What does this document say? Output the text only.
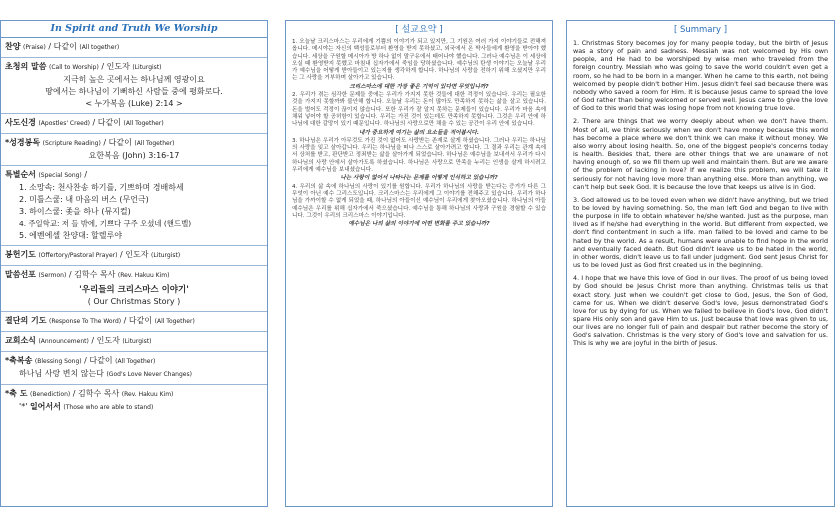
In Spirit and Truth We Worship
찬양 (Praise) / 다같이 (All together)
초청의 말씀 (Call to Worship) / 인도자 (Liturgist)
지극히 높은 곳에서는 하나님께 영광이요
땅에서는 하나님이 기뻐하신 사람들 중에 평화로다.
< 누가복음 (Luke) 2:14 >
사도신경 (Apostles' Creed) / 다같이 (All Together)
*성경봉독 (Scripture Reading) / 다같이 (All Together)
요한복음 (John) 3:16-17
특별순서 (Special Song) /
1. 소망속: 천사찬송 하기를, 기쁘하며 경배하세
2. 미틀스쿨: 내 마음의 버스 (무언극)
3. 하이스쿨: 좇을 하나 (뮤지컬)
4. 주일학교: 저 들 밖에, 기쁘다 구주 오셨네 (핸드벨)
5. 에벤에셀 찬양대: 할렐루야
봉헌기도 (Offertory/Pastoral Prayer) / 인도자 (Liturgist)
말씀선포 (Sermon) / 김학수 목사 (Rev. Hakuu Kim)
'우리들의 크리스마스 이야기'
( Our Christmas Story )
결단의 기도 (Response To The Word) / 다같이 (All Together)
교회소식 (Announcement) / 인도자 (Liturgist)
*축복송 (Blessing Song) / 다같이 (All Together)
하나님 사랑 변치 않는다 (God's Love Never Changes)
*축 도 (Benediction) / 김학수 목사 (Rev. Hakuu Kim)
'*' 일어서서 (Those who are able to stand)
[ 설교요약 ]

1. 오늘날 크리스마스는 우리에게 기쁨의 이야기가 되고 있지만, 그 기원은 여러 가지 이야기들로 전해져 옵니다. 메시야는 자신의 백성들로부터 환영을 받지 못하셨고, 외국에서 온 박사들에게 환영을 받아야 했습니다. 세상을 구원할 메시아가 방 하나 없이 말구유에서 태어나야 했습니다. 그러나 예수님은 이 세상에 오실 때 환영받지 못했고 마침내 십자가에서 죽임을 당하셨습니다. 예수님의 탄생 이야기는 오늘날 우리가 예수님을 어떻게 받아들이고 있는지를 생각하게 합니다. 하나님의 사랑을 전하기 위해 오셨지만 우리는 그 사랑을 거부하며 살아가고 있습니다.

크리스마스에 대한 가장 좋은 기억이 있다면 무엇입니까?

2. 우리가 겪는 심각한 문제들 중에는 우리가 가지지 못한 것들에 대한 걱정이 있습니다. 우리는 필요한 것을 가지지 못할까봐 불안해 합니다. 오늘날 우리는 돈이 많아도 만족하지 못하는 삶을 살고 있습니다. 돈을 벌어도 걱정이 끊이지 않습니다. 또한 우리가 잘 알지 못하는 문제들이 있습니다. 우리가 마음 속에 채워 넣어야 할 공허함이 있습니다. 우리는 가진 것이 있는데도 만족하지 못합니다. 그것은 우리 안에 하나님에 대한 갈망이 있기 때문입니다. 하나님의 사랑으로만 채울 수 있는 공간이 우리 안에 있습니다.

내가 중요하게 여기는 삶의 요소들을 적어봅시다.

3. 하나님은 우리가 아무것도 가진 것이 없어도 사랑받는 존재로 살게 하셨습니다. 그러나 우리는 하나님의 사랑을 잊고 살아갑니다. 우리는 하나님을 떠나 스스로 살아가려고 합니다. 그 결과 우리는 관계 속에서 상처를 받고, 판단받고 정죄받는 삶을 살아가게 되었습니다. 하나님은 예수님을 보내셔서 우리가 다시 하나님의 사랑 안에서 살아가도록 하셨습니다. 하나님은 사랑으로 만족을 누리는 인생을 살게 하시려고 우리에게 예수님을 보내셨습니다.

나는 사랑이 없어서 나타나는 문제를 어떻게 인식하고 있습니까?

4. 우리의 삶 속에 하나님의 사랑이 있기를 원합니다. 우리가 하나님의 사랑을 받는다는 증거가 다른 그 무엇이 아닌 예수 그리스도입니다. 크리스마스는 우리에게 그 이야기를 전해주고 있습니다. 우리가 하나님을 가까이할 수 없게 되었을 때, 하나님의 아들이신 예수님이 우리에게 찾아오셨습니다. 하나님의 아들 예수님은 우리를 위해 십자가에서 죽으셨습니다. 예수님을 통해 하나님의 사랑과 구원을 경험할 수 있습니다. 그것이 우리의 크리스마스 이야기입니다.

예수님은 나의 삶의 이야기에 어떤 변화를 주고 있습니까?

[ Summary ]

1. Christmas Story becomes joy for many people today, but the birth of Jesus was a story of pain and sadness. Messiah was not welcomed by His own people, and He had to be worshiped by wise men who traveled from the foreign country. Messiah who was going to save the world couldn't even get a room, so he had to be born in a manger. When he came to this earth, not being welcomed by people didn't bother Him. Jesus didn't feel sad because there was nobody who saved a room for Him. It is because Jesus came to spread the love of God rather than being welcomed or served well. Jesus came to give the love of God to this world that was losing hope from not knowing true love.

2. There are things that we worry deeply about when we don't have them. Most of all, we think seriously when we don't have money because this world has become a place where we don't think we can make it without money. We also worry about losing health. So, one of the biggest people's concerns today is health. Besides that, there are other things that we are unaware of not having enough of, so we fill them up well and maintain them. But are we aware of the problem of lacking in love? If we realize this problem, we will take it seriously for not having love more than anything else. More than anything, we can't help but seek God. It is because the love that keeps us alive is in God.

3. God allowed us to be loved even when we didn't have anything, but we tried to be loved by having something. So, the man left God and began to live with the purpose in life to obtain whatever he/she wanted. Just as the purpose, man lived as if he/she had everything in the world. But different from expected, we don't find contentment in such a life. man failed to be loved and came to be hated by the world. As a result, humans were unable to find hope in the world and eventually faced death. But God didn't leave us to be hated in the world, in other words, didn't leave us to fall under judgment. God sent Jesus Christ for us to be loved Just as God first created us in the beginning.

4. I hope that we have this love of God in our lives. The proof of us being loved by God should be Jesus Christ more than anything. Christmas tells us that exact story. Just when we couldn't get close to God, Jesus, the Son of God, came for us. When we didn't deserve God's love, Jesus demonstrated God's love for us by dying for us. When we failed to believe in God's love, God didn't spare His only son and gave Him to us. Just because that love was given to us, our lives are no longer full of pain and despair but rather become the story of God's salvation. Christmas is the very story of God's love and salvation for us. This is why we are joyful in the birth of Jesus.
